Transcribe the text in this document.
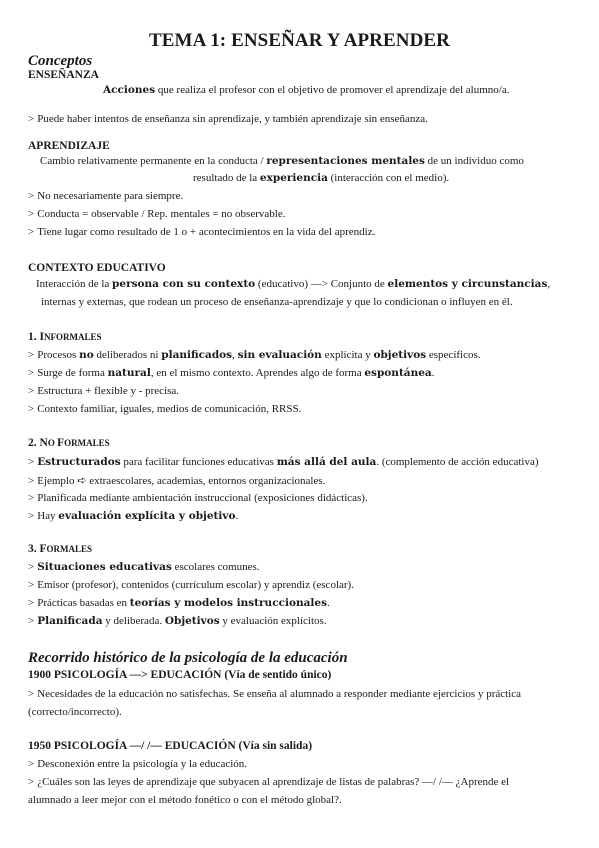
TEMA 1: ENSEÑAR Y APRENDER
Conceptos
ENSEÑANZA
Acciones que realiza el profesor con el objetivo de promover el aprendizaje del alumno/a.
> Puede haber intentos de enseñanza sin aprendizaje, y también aprendizaje sin enseñanza.
APRENDIZAJE
Cambio relativamente permanente en la conducta / representaciones mentales de un individuo como
resultado de la experiencia (interacción con el medio).
> No necesariamente para siempre.
> Conducta = observable / Rep. mentales = no observable.
> Tiene lugar como resultado de 1 o + acontecimientos en la vida del aprendiz.
CONTEXTO EDUCATIVO
Interacción de la persona con su contexto (educativo) —> Conjunto de elementos y circunstancias,
internas y externas, que rodean un proceso de enseñanza-aprendizaje y que lo condicionan o influyen en él.
1. INFORMALES
> Procesos no deliberados ni planificados, sin evaluación explícita y objetivos específicos.
> Surge de forma natural, en el mismo contexto. Aprendes algo de forma espontánea.
> Estructura + flexible y - precisa.
> Contexto familiar, iguales, medios de comunicación, RRSS.
2. NO FORMALES
> Estructurados para facilitar funciones educativas más allá del aula. (complemento de acción educativa)
> Ejemplo ➪ extraescolares, academias, entornos organizacionales.
> Planificada mediante ambientación instruccional (exposiciones didácticas).
> Hay evaluación explícita y objetivo.
3. FORMALES
> Situaciones educativas escolares comunes.
> Emisor (profesor), contenidos (currículum escolar) y aprendiz (escolar).
> Prácticas basadas en teorías y modelos instruccionales.
> Planificada y deliberada. Objetivos y evaluación explícitos.
Recorrido histórico de la psicología de la educación
1900 PSICOLOGÍA —> EDUCACIÓN (Vía de sentido único)
> Necesidades de la educación no satisfechas. Se enseña al alumnado a responder mediante ejercicios y práctica
(correcto/incorrecto).
1950 PSICOLOGÍA —/ /— EDUCACIÓN (Vía sin salida)
> Desconexión entre la psicología y la educación.
> ¿Cuáles son las leyes de aprendizaje que subyacen al aprendizaje de listas de palabras? —/ /— ¿Aprende el
alumnado a leer mejor con el método fonético o con el método global?.
